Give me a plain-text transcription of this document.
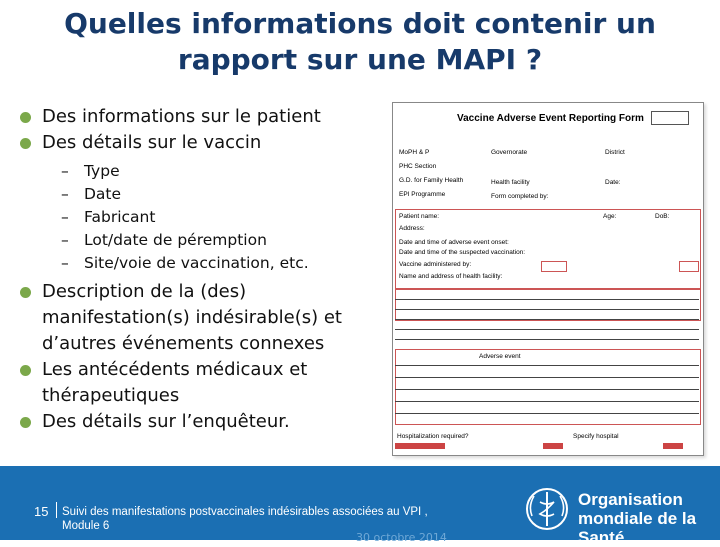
Quelles informations doit contenir un
rapport sur une MAPI ?
Des informations sur le patient
Des détails sur le vaccin
– Type
– Date
– Fabricant
– Lot/date de péremption
– Site/voie de vaccination, etc.
Description de la (des) manifestation(s) indésirable(s) et d’autres événements connexes
Les antécédents médicaux et thérapeutiques
Des détails sur l’enquêteur.
Vaccine Adverse Event Reporting Form
MoPH & P
PHC Section
G.D. for Family Health
EPI Programme
Governorate
Health facility
Form completed by:
District
Date:
Patient name:
Address:
Age:	DoB:
Date and time of adverse event onset:
Date and time of the suspected vaccination:
Vaccine administered by:
Name and address of health facility:
Adverse event
Hospitalization required?	Specify hospital
15 Suivi des manifestations postvaccinales indésirables associées au VPI , Module 6
Organisation
mondiale de la Santé
30 octobre 2014
